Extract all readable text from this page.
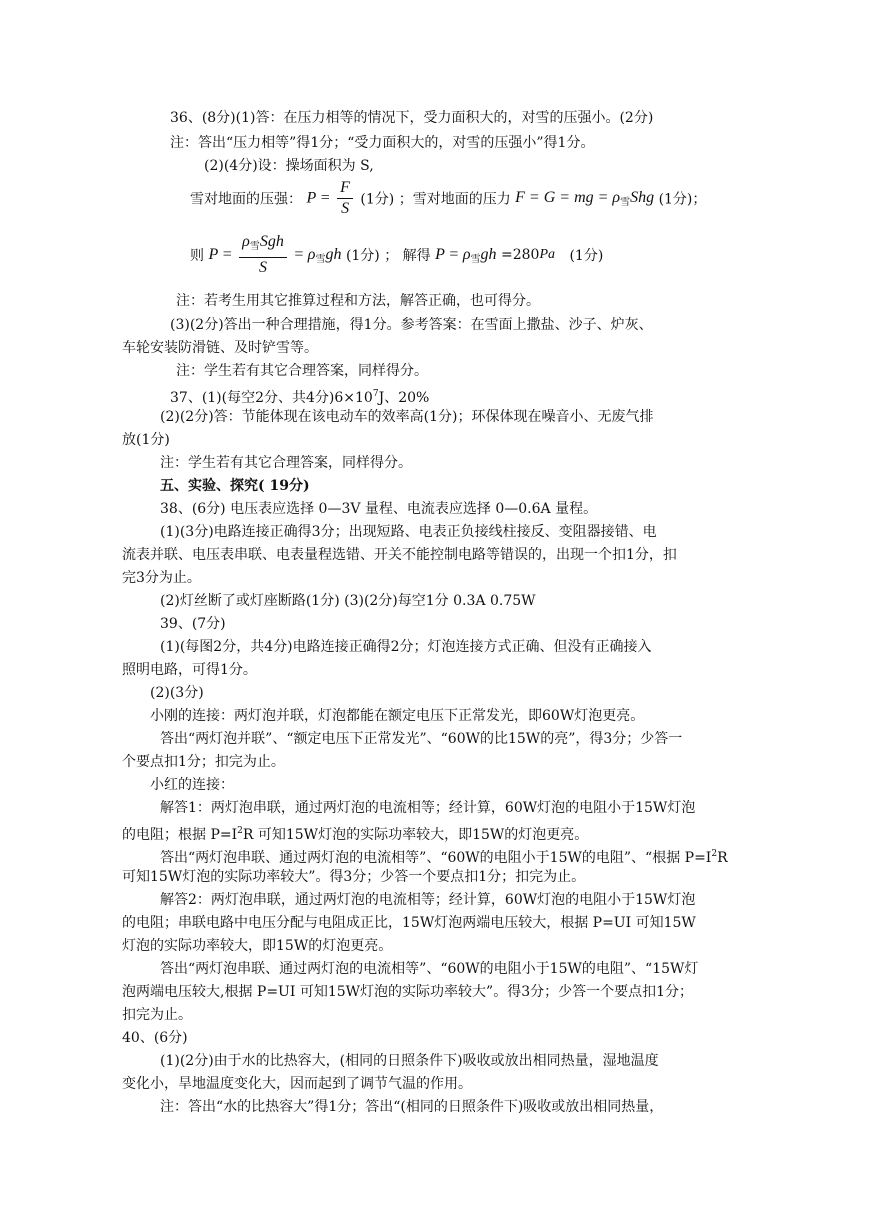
36、(8分)(1)答：在压力相等的情况下，受力面积大的，对雪的压强小。(2分)
注：答出“压力相等”得1分；“受力面积大的，对雪的压强小”得1分。
(2)(4分)设：操场面积为 S,
雪对地面的压强： $P = \frac{F}{S} (1$分) ；雪对地面的压力 F = G = mg = $\rho_雪Shg$ (1分)；
则 $P = \frac{\rho_雪Sgh}{S} = \rho_雪gh$ (1分) ； 解得 $P = \rho_雪gh =280Pa$ (1分)
注：若考生用其它推算过程和方法，解答正确，也可得分。
(3)(2分)答出一种合理措施，得1分。参考答案：在雪面上撒盐、沙子、炉灰、
车轮安装防滑链、及时铲雪等。
注：学生若有其它合理答案，同样得分。
37、(1)(每空2分、共4分)$6\times 10^7J$、20%
(2)(2分)答：节能体现在该电动车的效率高(1分)；环保体现在噪音小、无废气排
放(1分)
注：学生若有其它合理答案，同样得分。
五、实验、探究( 19分)
38、(6分) 电压表应选择 0—3V 量程、电流表应选择 0—0.6A 量程。
(1)(3分)电路连接正确得3分；出现短路、电表正负接线柱接反、变阻器接错、电
流表并联、电压表串联、电表量程选错、开关不能控制电路等错误的，出现一个扣1分，扣
完3分为止。
(2)灯丝断了或灯座断路(1分) (3)(2分)每空1分 0.3A 0.75W
39、(7分)
(1)(每图2分，共4分)电路连接正确得2分；灯泡连接方式正确、但没有正确接入
照明电路，可得1分。
(2)(3分)
小刚的连接：两灯泡并联，灯泡都能在额定电压下正常发光，即60W灯泡更亮。
答出“两灯泡并联”、“额定电压下正常发光”、“60W的比15W的亮”，得3分；少答一
个要点扣1分；扣完为止。
小红的连接：
解答1：两灯泡串联，通过两灯泡的电流相等；经计算，60W灯泡的电阻小于15W灯泡
的电阻；根据 $P=I^2R$ 可知15W灯泡的实际功率较大，即15W的灯泡更亮。
答出“两灯泡串联、通过两灯泡的电流相等”、“60W的电阻小于15W的电阻”、“根据 $P=I^2R$
可知15W灯泡的实际功率较大”。得3分；少答一个要点扣1分；扣完为止。
解答2：两灯泡串联，通过两灯泡的电流相等；经计算，60W灯泡的电阻小于15W灯泡
的电阻；串联电路中电压分配与电阻成正比，15W灯泡两端电压较大，根据 P=UI 可知15W
灯泡的实际功率较大，即15W的灯泡更亮。
答出“两灯泡串联、通过两灯泡的电流相等”、“60W的电阻小于15W的电阻”、“15W灯
泡两端电压较大,根据 P=UI 可知15W灯泡的实际功率较大”。得3分；少答一个要点扣1分；
扣完为止。
40、(6分)
(1)(2分)由于水的比热容大，(相同的日照条件下)吸收或放出相同热量，湿地温度
变化小，旱地温度变化大，因而起到了调节气温的作用。
注：答出“水的比热容大”得1分；答出“(相同的日照条件下)吸收或放出相同热量，
